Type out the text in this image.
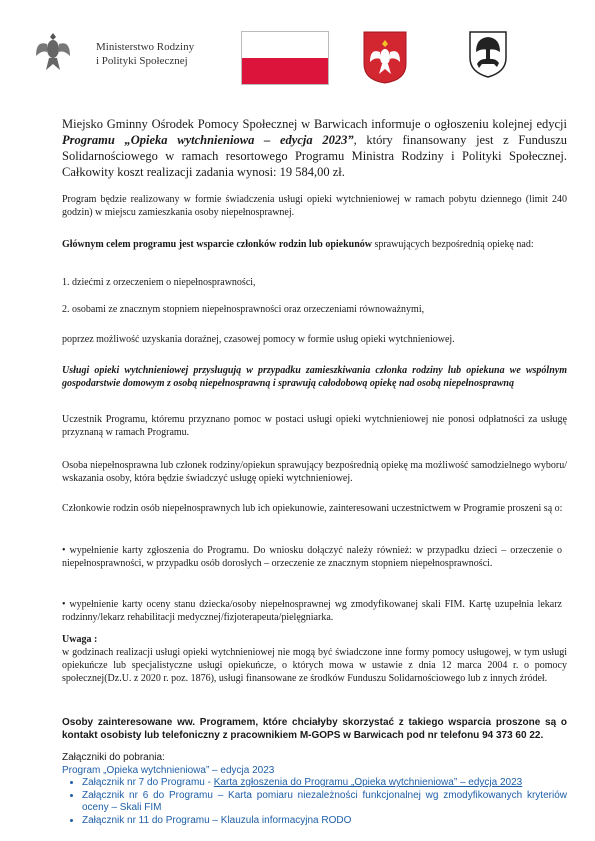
Ministerstwo Rodziny
i Polityki Społecznej
Miejsko Gminny Ośrodek Pomocy Społecznej w Barwicach informuje o ogłoszeniu kolejnej edycji Programu „Opieka wytchnieniowa – edycja 2023”, który finansowany jest z Funduszu Solidarnościowego w ramach resortowego Programu Ministra Rodziny i Polityki Społecznej. Całkowity koszt realizacji zadania wynosi: 19 584,00 zł.
Program będzie realizowany w formie świadczenia usługi opieki wytchnieniowej w ramach pobytu dziennego (limit 240 godzin) w miejscu zamieszkania osoby niepełnosprawnej.
Głównym celem programu jest wsparcie członków rodzin lub opiekunów sprawujących bezpośrednią opiekę nad:
1. dziećmi z orzeczeniem o niepełnosprawności,
2. osobami ze znacznym stopniem niepełnosprawności oraz orzeczeniami równoważnymi,
poprzez możliwość uzyskania doraźnej, czasowej pomocy w formie usług opieki wytchnieniowej.
Usługi opieki wytchnieniowej przysługują w przypadku zamieszkiwania członka rodziny lub opiekuna we wspólnym gospodarstwie domowym z osobą niepełnosprawną i sprawują całodobową opiekę nad osobą niepełnosprawną
Uczestnik Programu, któremu przyznano pomoc w postaci usługi opieki wytchnieniowej nie ponosi odpłatności za usługę przyznaną w ramach Programu.
Osoba niepełnosprawna lub członek rodziny/opiekun sprawujący bezpośrednią opiekę ma możliwość samodzielnego wyboru/ wskazania osoby, która będzie świadczyć usługę opieki wytchnieniowej.
Członkowie rodzin osób niepełnosprawnych lub ich opiekunowie, zainteresowani uczestnictwem w Programie proszeni są o:
• wypełnienie karty zgłoszenia do Programu. Do wniosku dołączyć należy również: w przypadku dzieci – orzeczenie o niepełnosprawności, w przypadku osób dorosłych – orzeczenie ze znacznym stopniem niepełnosprawności.
• wypełnienie karty oceny stanu dziecka/osoby niepełnosprawnej wg zmodyfikowanej skali FIM. Kartę uzupełnia lekarz rodzinny/lekarz rehabilitacji medycznej/fizjoterapeuta/pielęgniarka.
Uwaga :
w godzinach realizacji usługi opieki wytchnieniowej nie mogą być świadczone inne formy pomocy usługowej, w tym usługi opiekuńcze lub specjalistyczne usługi opiekuńcze, o których mowa w ustawie z dnia 12 marca 2004 r. o pomocy społecznej(Dz.U. z 2020 r. poz. 1876), usługi finansowane ze środków Funduszu Solidarnościowego lub z innych źródeł.
Osoby zainteresowane ww. Programem, które chciałyby skorzystać z takiego wsparcia proszone są o kontakt osobisty lub telefoniczny z pracownikiem M-GOPS w Barwicach pod nr telefonu 94 373 60 22.
Załączniki do pobrania:
Program „Opieka wytchnieniowa” – edycja 2023
• Załącznik nr 7 do Programu - Karta zgłoszenia do Programu „Opieka wytchnieniowa” – edycja 2023
• Załącznik nr 6 do Programu – Karta pomiaru niezależności funkcjonalnej wg zmodyfikowanych kryteriów oceny – Skali FIM
• Załącznik nr 11 do Programu – Klauzula informacyjna RODO
